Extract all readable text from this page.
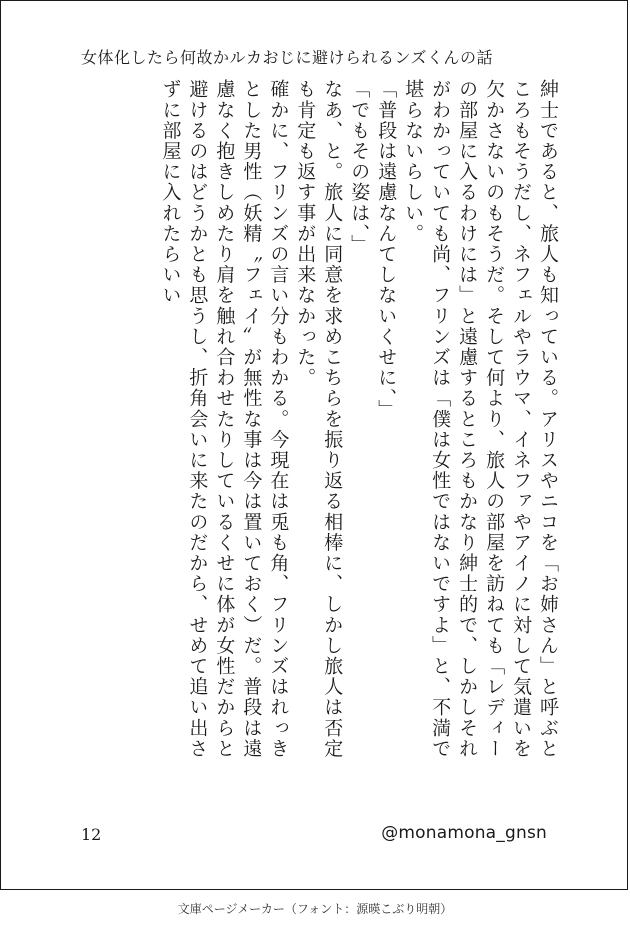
女体化したら何故かルカおじに避けられるンズくんの話

紳士であると、旅人も知っている。アリスやニコを「お姉さん」と呼ぶところもそうだし、ネフェルやラウマ、イネファやアイノに対して気遣いを欠かさないのもそうだ。そして何より、旅人の部屋を訪ねても「レディーの部屋に入るわけには」と遠慮するところもかなり紳士的で、しかしそれがわかっていても尚、フリンズは「僕は女性ではないですよ」と、不満で堪らないらしい。

「普段は遠慮なんてしないくせに、」

「でもその姿は、」

なあ、と。旅人に同意を求めこちらを振り返る相棒に、しかし旅人は否定も肯定も返す事が出来なかった。

確かに、フリンズの言い分もわかる。今現在は兎も角、フリンズはれっきとした男性（妖精〝フェイ〟が無性な事は今は置いておく）だ。普段は遠慮なく抱きしめたり肩を触れ合わせたりしているくせに体が女性だからと避けるのはどうかとも思うし、折角会いに来たのだから、せめて追い出さずに部屋に入れたらいい

12	@monamona_gnsn
文庫ページメーカー（フォント：源暎こぶり明朝）
